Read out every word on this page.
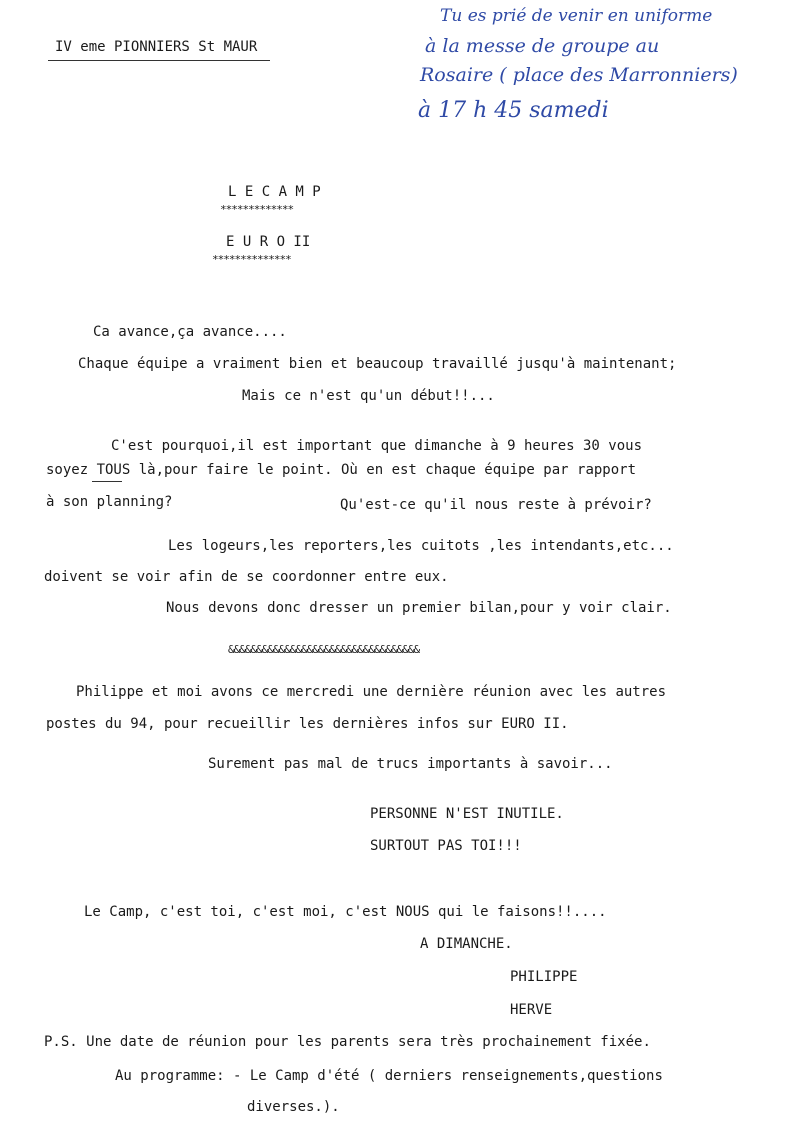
IV eme PIONNIERS St MAUR
Tu es prié de venir en uniforme
à la messe de groupe au
Rosaire ( place des Marronniers)
à 17 h 45 samedi
L E C A M P
*************
E U R O II
**************
Ca avance,ça avance....
Chaque équipe a vraiment bien et beaucoup travaillé jusqu'à maintenant;
Mais ce n'est qu'un début!!...
C'est pourquoi,il est important que dimanche à 9 heures 30 vous
soyez TOUS là,pour faire le point. Où en est chaque équipe par rapport
à son planning?	Qu'est-ce qu'il nous reste à prévoir?
Les logeurs,les reporters,les cuitots ,les intendants,etc...
doivent se voir afin de se coordonner entre eux.
Nous devons donc dresser un premier bilan,pour y voir clair.
&&&&&&&&&&&&&&&&&&&&&&&&&&&&&&&&&&
Philippe et moi avons ce mercredi une dernière réunion avec les autres
postes du 94, pour recueillir les dernières infos sur EURO II.
Surement pas mal de trucs importants à savoir...
PERSONNE N'EST INUTILE.
SURTOUT PAS TOI!!!
Le Camp, c'est toi, c'est moi, c'est NOUS qui le faisons!!....
A DIMANCHE.
PHILIPPE
HERVE
P.S. Une date de réunion pour les parents sera très prochainement fixée.
Au programme: - Le Camp d'été ( derniers renseignements,questions
diverses.).
